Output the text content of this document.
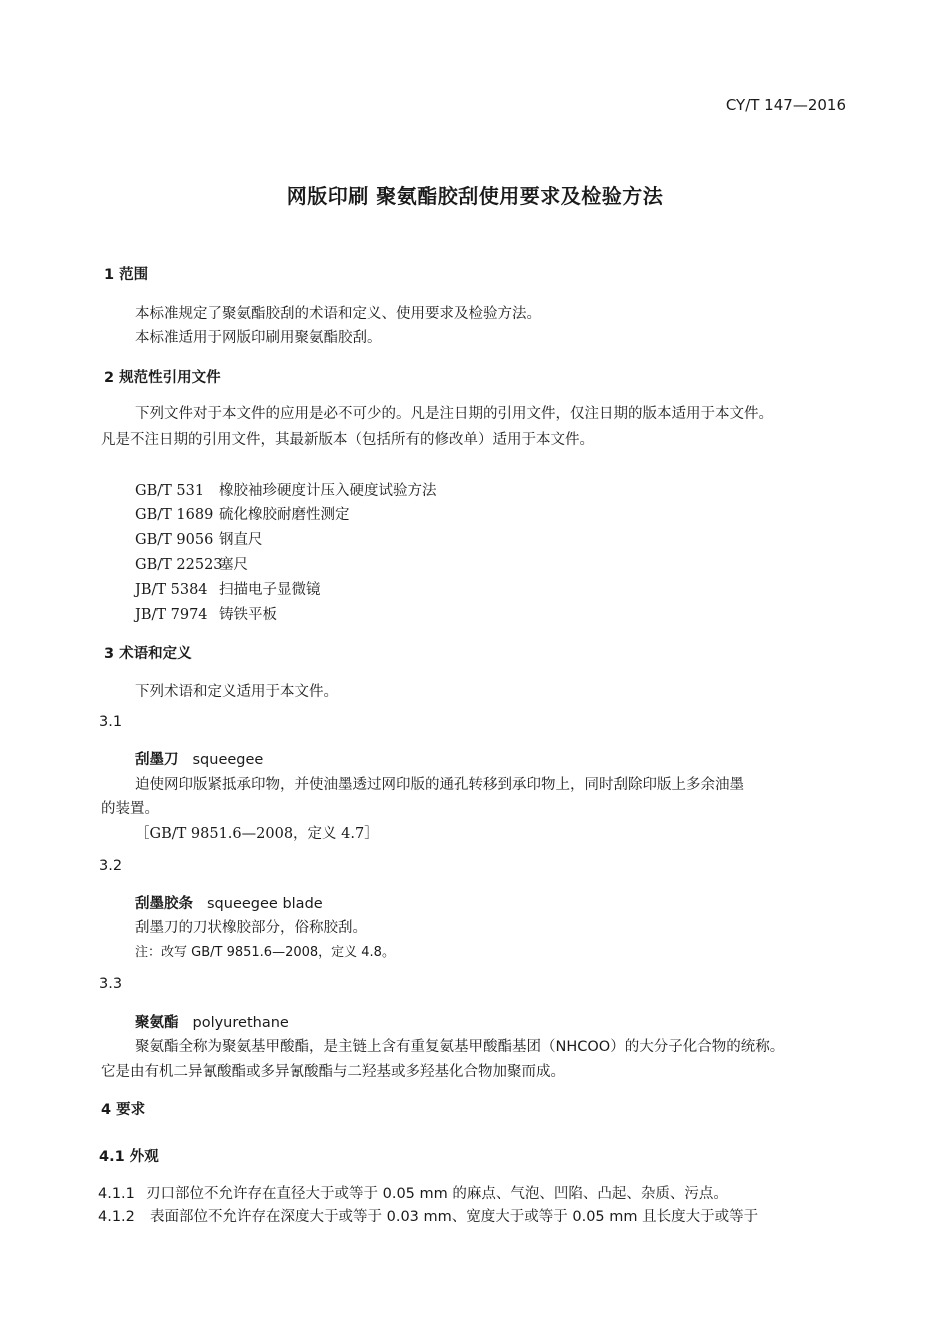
CY/T 147—2016
网版印刷 聚氨酯胶刮使用要求及检验方法
1 范围
本标准规定了聚氨酯胶刮的术语和定义、使用要求及检验方法。
本标准适用于网版印刷用聚氨酯胶刮。
2 规范性引用文件
下列文件对于本文件的应用是必不可少的。凡是注日期的引用文件，仅注日期的版本适用于本文件。
凡是不注日期的引用文件，其最新版本（包括所有的修改单）适用于本文件。
GB/T 531 橡胶袖珍硬度计压入硬度试验方法
GB/T 1689 硫化橡胶耐磨性测定
GB/T 9056 钢直尺
GB/T 22523塞尺
JB/T 5384 扫描电子显微镜
JB/T 7974 铸铁平板
3 术语和定义
下列术语和定义适用于本文件。
3.1
刮墨刀 squeegee
迫使网印版紧抵承印物，并使油墨透过网印版的通孔转移到承印物上，同时刮除印版上多余油墨
的装置。
［GB/T 9851.6—2008，定义 4.7］
3.2
刮墨胶条 squeegee blade
刮墨刀的刀状橡胶部分，俗称胶刮。
注：改写 GB/T 9851.6—2008，定义 4.8。
3.3
聚氨酯 polyurethane
聚氨酯全称为聚氨基甲酸酯，是主链上含有重复氨基甲酸酯基团（NHCOO）的大分子化合物的统称。
它是由有机二异氰酸酯或多异氰酸酯与二羟基或多羟基化合物加聚而成。
4 要求
4.1 外观
4.1.1 刃口部位不允许存在直径大于或等于 0.05 mm 的麻点、气泡、凹陷、凸起、杂质、污点。
4.1.2 表面部位不允许存在深度大于或等于 0.03 mm、宽度大于或等于 0.05 mm 且长度大于或等于
